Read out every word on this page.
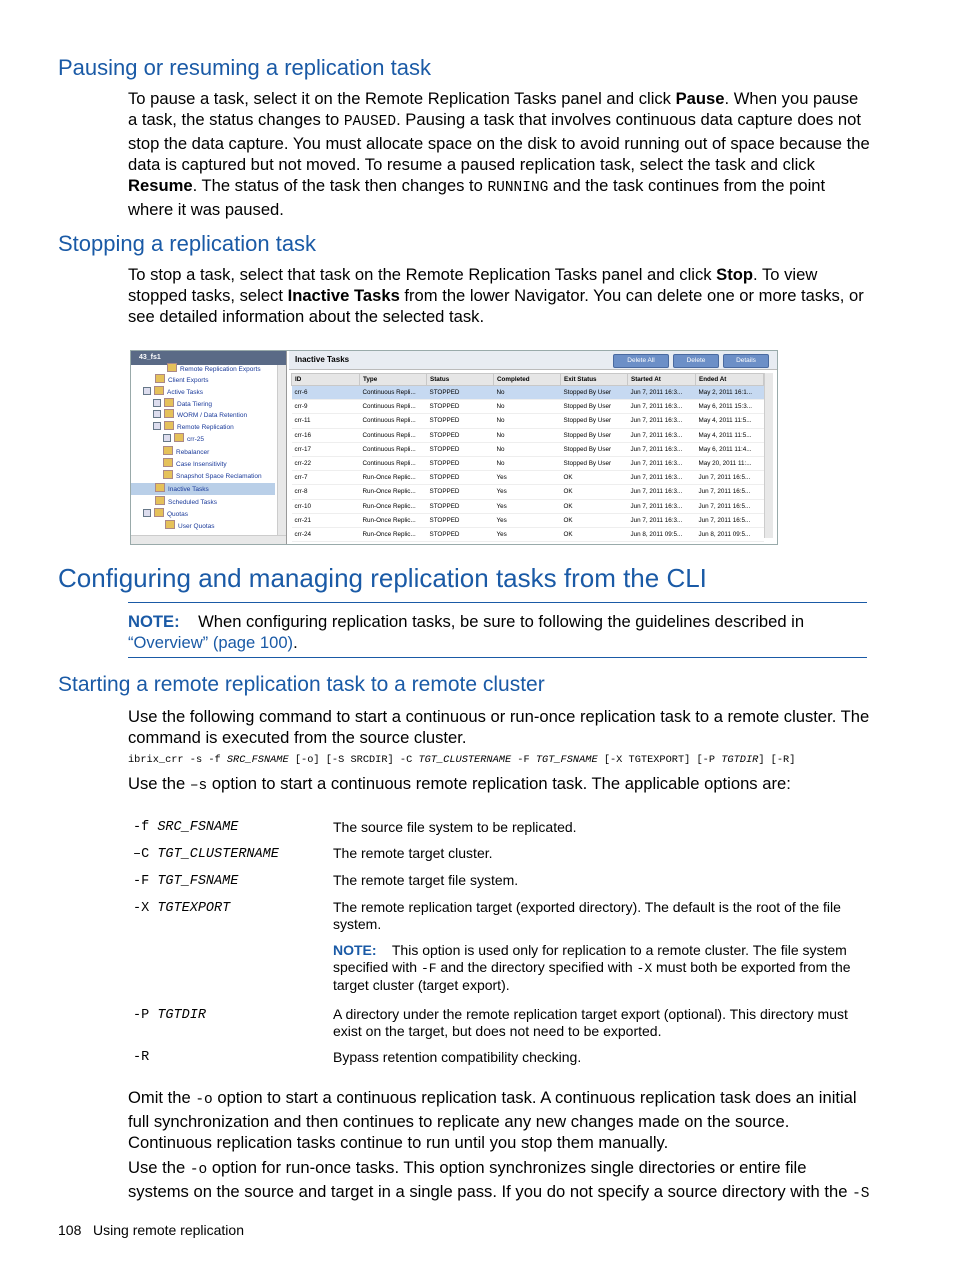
Pausing or resuming a replication task

To pause a task, select it on the Remote Replication Tasks panel and click Pause. When you pause a task, the status changes to PAUSED. Pausing a task that involves continuous data capture does not stop the data capture. You must allocate space on the disk to avoid running out of space because the data is captured but not moved. To resume a paused replication task, select the task and click Resume. The status of the task then changes to RUNNING and the task continues from the point where it was paused.

Stopping a replication task

To stop a task, select that task on the Remote Replication Tasks panel and click Stop. To view stopped tasks, select Inactive Tasks from the lower Navigator. You can delete one or more tasks, or see detailed information about the selected task.

43_fs1
Remote Replication Exports
Client Exports
Active Tasks
Data Tiering
WORM / Data Retention
Remote Replication
crr-25
Rebalancer
Case Insensitivity
Snapshot Space Reclamation
Inactive Tasks
Scheduled Tasks
Quotas
User Quotas
Inactive Tasks	Delete All	Delete	Details
ID	Type	Status	Completed	Exit Status	Started At	Ended At
crr-6	Continuous Repli...	STOPPED	No	Stopped By User	Jun 7, 2011 16:3...	May 2, 2011 16:1...
crr-9	Continuous Repli...	STOPPED	No	Stopped By User	Jun 7, 2011 16:3...	May 6, 2011 15:3...
crr-11	Continuous Repli...	STOPPED	No	Stopped By User	Jun 7, 2011 16:3...	May 4, 2011 11:5...
crr-16	Continuous Repli...	STOPPED	No	Stopped By User	Jun 7, 2011 16:3...	May 4, 2011 11:5...
crr-17	Continuous Repli...	STOPPED	No	Stopped By User	Jun 7, 2011 16:3...	May 6, 2011 11:4...
crr-22	Continuous Repli...	STOPPED	No	Stopped By User	Jun 7, 2011 16:3...	May 20, 2011 11:...
crr-7	Run-Once Replic...	STOPPED	Yes	OK	Jun 7, 2011 16:3...	Jun 7, 2011 16:5...
crr-8	Run-Once Replic...	STOPPED	Yes	OK	Jun 7, 2011 16:3...	Jun 7, 2011 16:5...
crr-10	Run-Once Replic...	STOPPED	Yes	OK	Jun 7, 2011 16:3...	Jun 7, 2011 16:5...
crr-21	Run-Once Replic...	STOPPED	Yes	OK	Jun 7, 2011 16:3...	Jun 7, 2011 16:5...
crr-24	Run-Once Replic...	STOPPED	Yes	OK	Jun 8, 2011 09:5...	Jun 8, 2011 09:5...
Configuring and managing replication tasks from the CLI

NOTE: When configuring replication tasks, be sure to following the guidelines described in “Overview” (page 100).

Starting a remote replication task to a remote cluster

Use the following command to start a continuous or run-once replication task to a remote cluster. The command is executed from the source cluster.

ibrix_crr -s -f SRC_FSNAME [-o] [-S SRCDIR] -C TGT_CLUSTERNAME -F TGT_FSNAME [-X TGTEXPORT] [-P TGTDIR] [-R]

Use the –s option to start a continuous remote replication task. The applicable options are:

-f SRC_FSNAME	The source file system to be replicated.
–C TGT_CLUSTERNAME	The remote target cluster.
-F TGT_FSNAME	The remote target file system.
-X TGTEXPORT	The remote replication target (exported directory). The default is the root of the file system.
NOTE: This option is used only for replication to a remote cluster. The file system specified with -F and the directory specified with -X must both be exported from the target cluster (target export).
-P TGTDIR	A directory under the remote replication target export (optional). This directory must exist on the target, but does not need to be exported.
-R	Bypass retention compatibility checking.

Omit the -o option to start a continuous replication task. A continuous replication task does an initial full synchronization and then continues to replicate any new changes made on the source. Continuous replication tasks continue to run until you stop them manually.

Use the -o option for run-once tasks. This option synchronizes single directories or entire file systems on the source and target in a single pass. If you do not specify a source directory with the -S

108 Using remote replication
